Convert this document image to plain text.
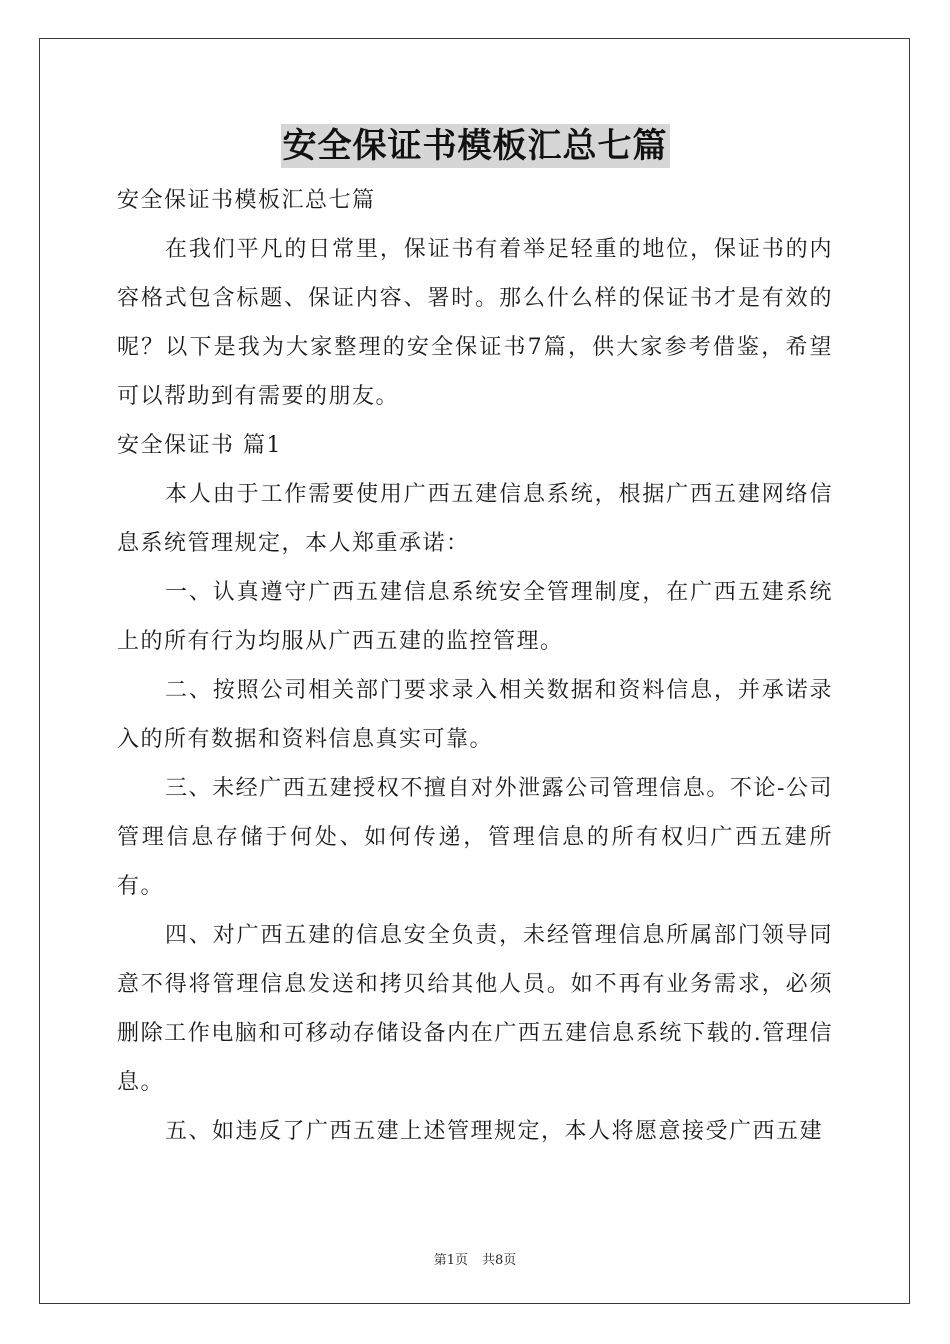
安全保证书模板汇总七篇

安全保证书模板汇总七篇

在我们平凡的日常里，保证书有着举足轻重的地位，保证书的内容格式包含标题、保证内容、署时。那么什么样的保证书才是有效的呢？以下是我为大家整理的安全保证书7篇，供大家参考借鉴，希望可以帮助到有需要的朋友。

安全保证书 篇1

本人由于工作需要使用广西五建信息系统，根据广西五建网络信息系统管理规定，本人郑重承诺：

一、认真遵守广西五建信息系统安全管理制度，在广西五建系统上的所有行为均服从广西五建的监控管理。

二、按照公司相关部门要求录入相关数据和资料信息，并承诺录入的所有数据和资料信息真实可靠。

三、未经广西五建授权不擅自对外泄露公司管理信息。不论-公司管理信息存储于何处、如何传递，管理信息的所有权归广西五建所有。

四、对广西五建的信息安全负责，未经管理信息所属部门领导同意不得将管理信息发送和拷贝给其他人员。如不再有业务需求，必须删除工作电脑和可移动存储设备内在广西五建信息系统下载的.管理信息。

五、如违反了广西五建上述管理规定，本人将愿意接受广西五建

第1页 共8页
